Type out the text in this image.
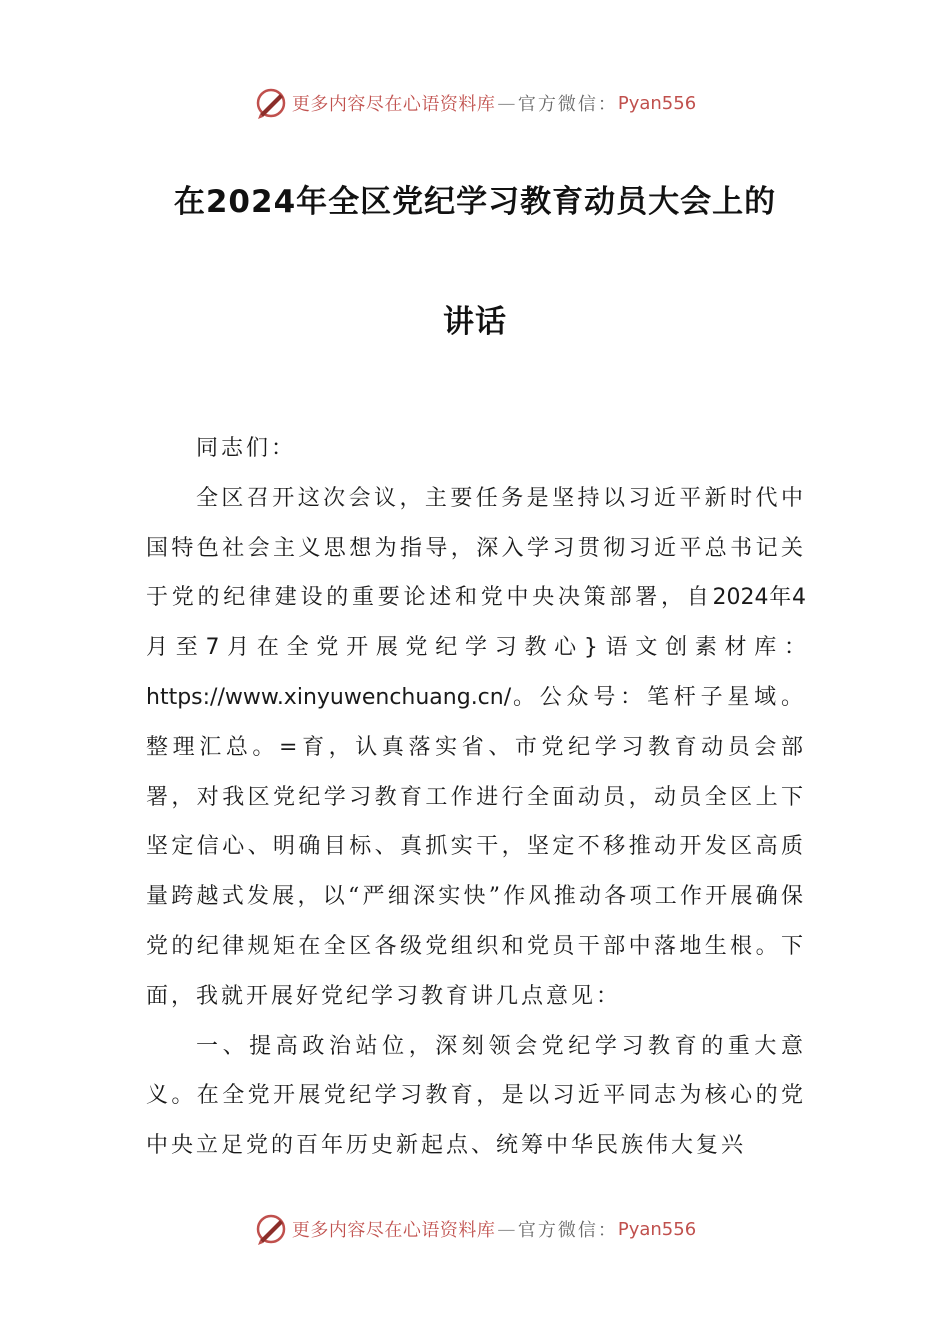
更多内容尽在心语资料库 — 官方微信： Pyan556
在2024年全区党纪学习教育动员大会上的
讲话

同志们：

全区召开这次会议，主要任务是坚持以习近平新时代中国特色社会主义思想为指导，深入学习贯彻习近平总书记关于党的纪律建设的重要论述和党中央决策部署，自2024年4月至7月在全党开展党纪学习教心}语文创素材库：https://www.xinyuwenchuang.cn/。公众号：笔杆子星域。整理汇总。=育，认真落实省、市党纪学习教育动员会部署，对我区党纪学习教育工作进行全面动员，动员全区上下坚定信心、明确目标、真抓实干，坚定不移推动开发区高质量跨越式发展，以“严细深实快”作风推动各项工作开展确保党的纪律规矩在全区各级党组织和党员干部中落地生根。下面，我就开展好党纪学习教育讲几点意见：

一、提高政治站位，深刻领会党纪学习教育的重大意义。在全党开展党纪学习教育，是以习近平同志为核心的党中央立足党的百年历史新起点、统筹中华民族伟大复兴

更多内容尽在心语资料库 — 官方微信： Pyan556
